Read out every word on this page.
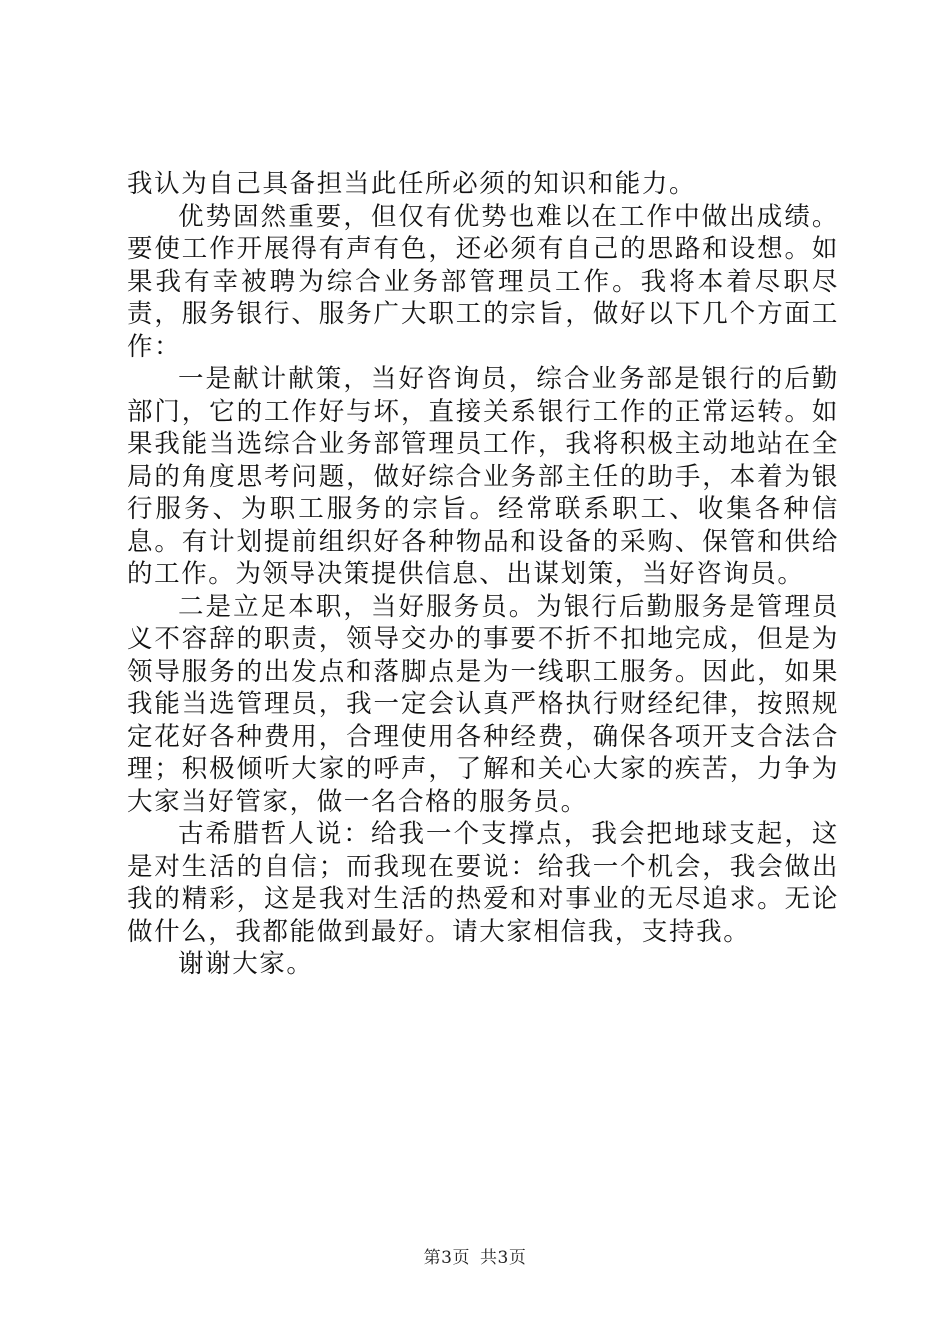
我认为自己具备担当此任所必须的知识和能力。

优势固然重要，但仅有优势也难以在工作中做出成绩。要使工作开展得有声有色，还必须有自己的思路和设想。如果我有幸被聘为综合业务部管理员工作。我将本着尽职尽责，服务银行、服务广大职工的宗旨，做好以下几个方面工作：

一是献计献策，当好咨询员，综合业务部是银行的后勤部门，它的工作好与坏，直接关系银行工作的正常运转。如果我能当选综合业务部管理员工作，我将积极主动地站在全局的角度思考问题，做好综合业务部主任的助手，本着为银行服务、为职工服务的宗旨。经常联系职工、收集各种信息。有计划提前组织好各种物品和设备的采购、保管和供给的工作。为领导决策提供信息、出谋划策，当好咨询员。

二是立足本职，当好服务员。为银行后勤服务是管理员义不容辞的职责，领导交办的事要不折不扣地完成，但是为领导服务的出发点和落脚点是为一线职工服务。因此，如果我能当选管理员，我一定会认真严格执行财经纪律，按照规定花好各种费用，合理使用各种经费，确保各项开支合法合理；积极倾听大家的呼声，了解和关心大家的疾苦，力争为大家当好管家，做一名合格的服务员。

古希腊哲人说：给我一个支撑点，我会把地球支起，这是对生活的自信；而我现在要说：给我一个机会，我会做出我的精彩，这是我对生活的热爱和对事业的无尽追求。无论做什么，我都能做到最好。请大家相信我，支持我。

谢谢大家。

第3页 共3页
